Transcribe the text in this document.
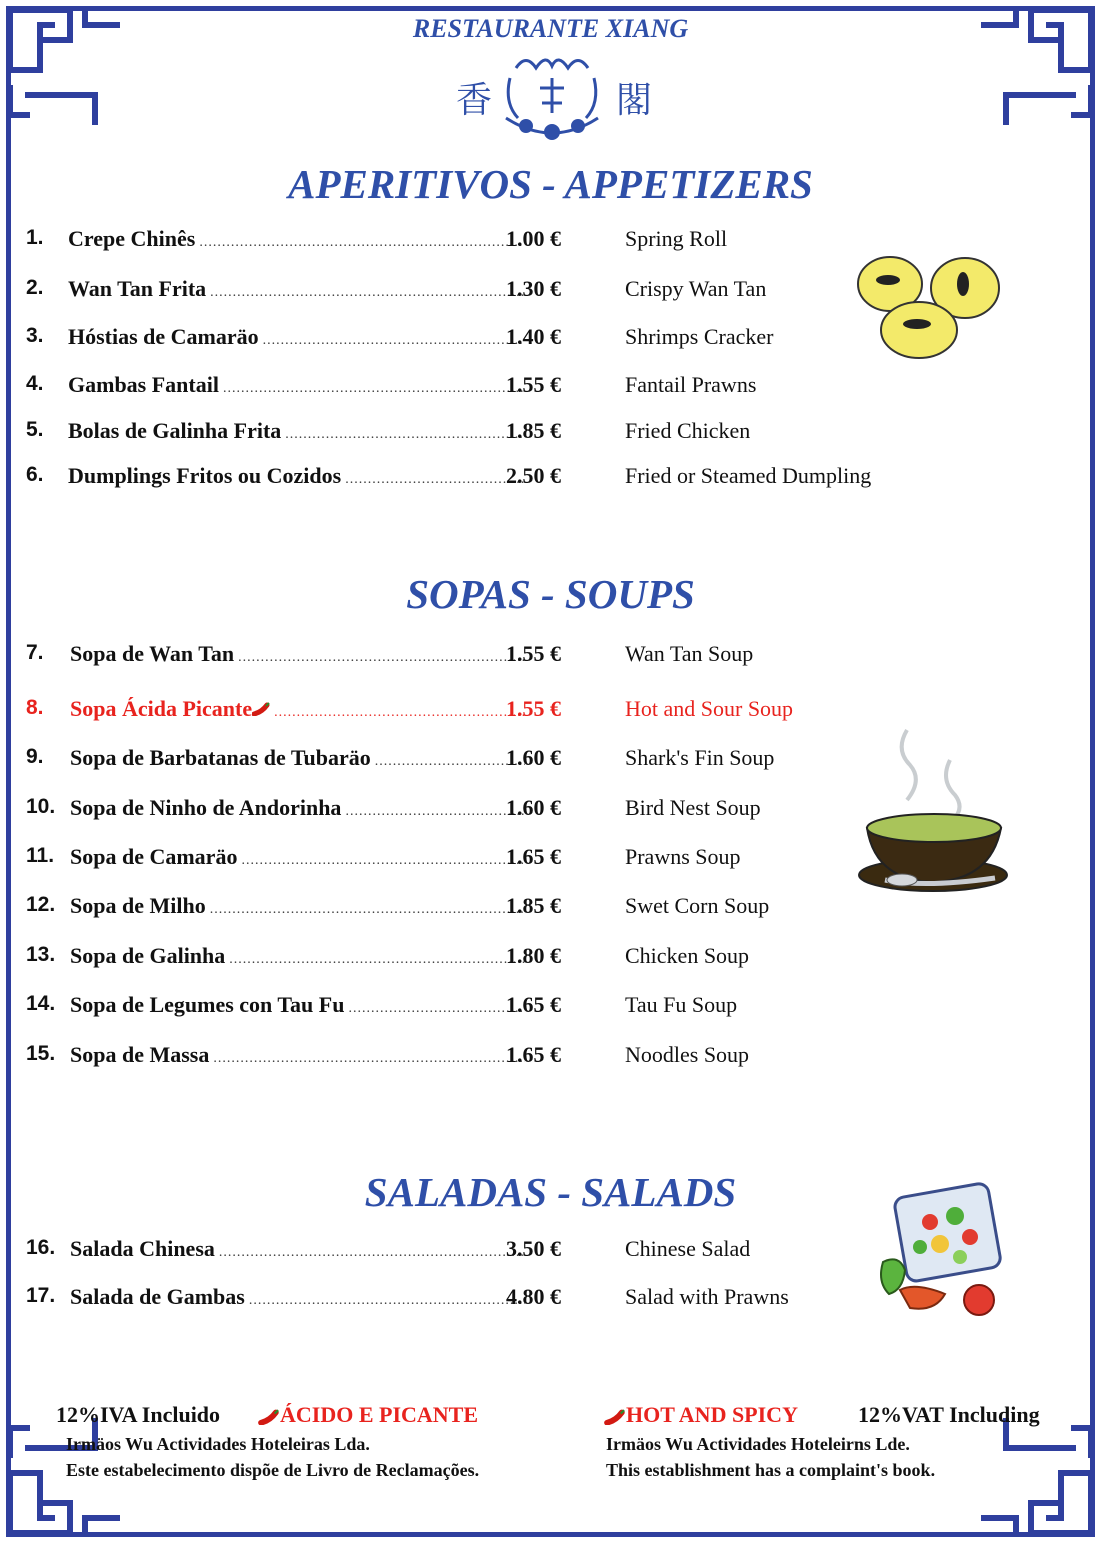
RESTAURANTE XIANG
香	閣
APERITIVOS - APPETIZERS
1. Crepe Chinês .....	1.00 €	Spring Roll
2. Wan Tan Frita .....	1.30 €	Crispy Wan Tan
3. Hóstias de Camaräo .....	1.40 €	Shrimps Cracker
4. Gambas Fantail .....	1.55 €	Fantail Prawns
5. Bolas de Galinha Frita .....	1.85 €	Fried Chicken
6. Dumplings Fritos ou Cozidos .....	2.50 €	Fried or Steamed Dumpling
SOPAS - SOUPS
7. Sopa de Wan Tan .....	1.55 €	Wan Tan Soup
8. Sopa Ácida Picante .....	1.55 €	Hot and Sour Soup
9. Sopa de Barbatanas de Tubaräo .....	1.60 €	Shark's Fin Soup
10. Sopa de Ninho de Andorinha .....	1.60 €	Bird Nest Soup
11. Sopa de Camaräo .....	1.65 €	Prawns Soup
12. Sopa de Milho .....	1.85 €	Swet Corn Soup
13. Sopa de Galinha .....	1.80 €	Chicken Soup
14. Sopa de Legumes con Tau Fu .....	1.65 €	Tau Fu Soup
15. Sopa de Massa .....	1.65 €	Noodles Soup
SALADAS - SALADS
16. Salada Chinesa .....	3.50 €	Chinese Salad
17. Salada de Gambas .....	4.80 €	Salad with Prawns
12%IVA Incluido	ÁCIDO E PICANTE	HOT AND SPICY	12%VAT Including
Irmäos Wu Actividades Hoteleiras Lda.
Este estabelecimento dispõe de Livro de Reclamações.
Irmäos Wu Actividades Hoteleirns Lde.
This establishment has a complaint's book.
